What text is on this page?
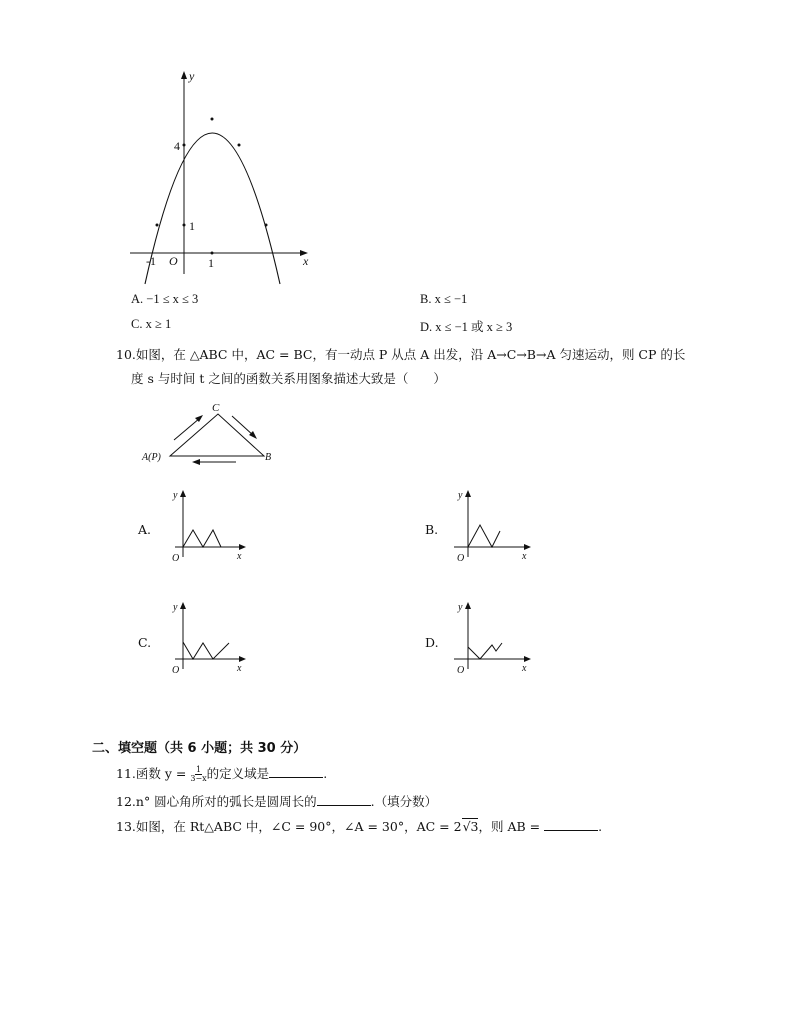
y
x
O
4
1
-1	1
A. −1 ≤ x ≤ 3	B. x ≤ −1
C. x ≥ 1	D. x ≤ −1 或 x ≥ 3
10.如图，在 △ABC 中，AC = BC，有一动点 P 从点 A 出发，沿 A→C→B→A 匀速运动，则 CP 的长
度 s 与时间 t 之间的函数关系用图象描述大致是（　　）
C
A(P)	B
A.
y
x
O
B.
y
x
O
C.
y
x
O
D.
y
x
O
二、填空题（共 6 小题；共 30 分）
11.函数 $y = \frac{1}{3-x}$ 的定义域是	.
12.n° 圆心角所对的弧长是圆周长的	.（填分数）
13.如图，在 Rt△ABC 中，∠C = 90°，∠A = 30°，AC = 2√3，则 AB =	.
